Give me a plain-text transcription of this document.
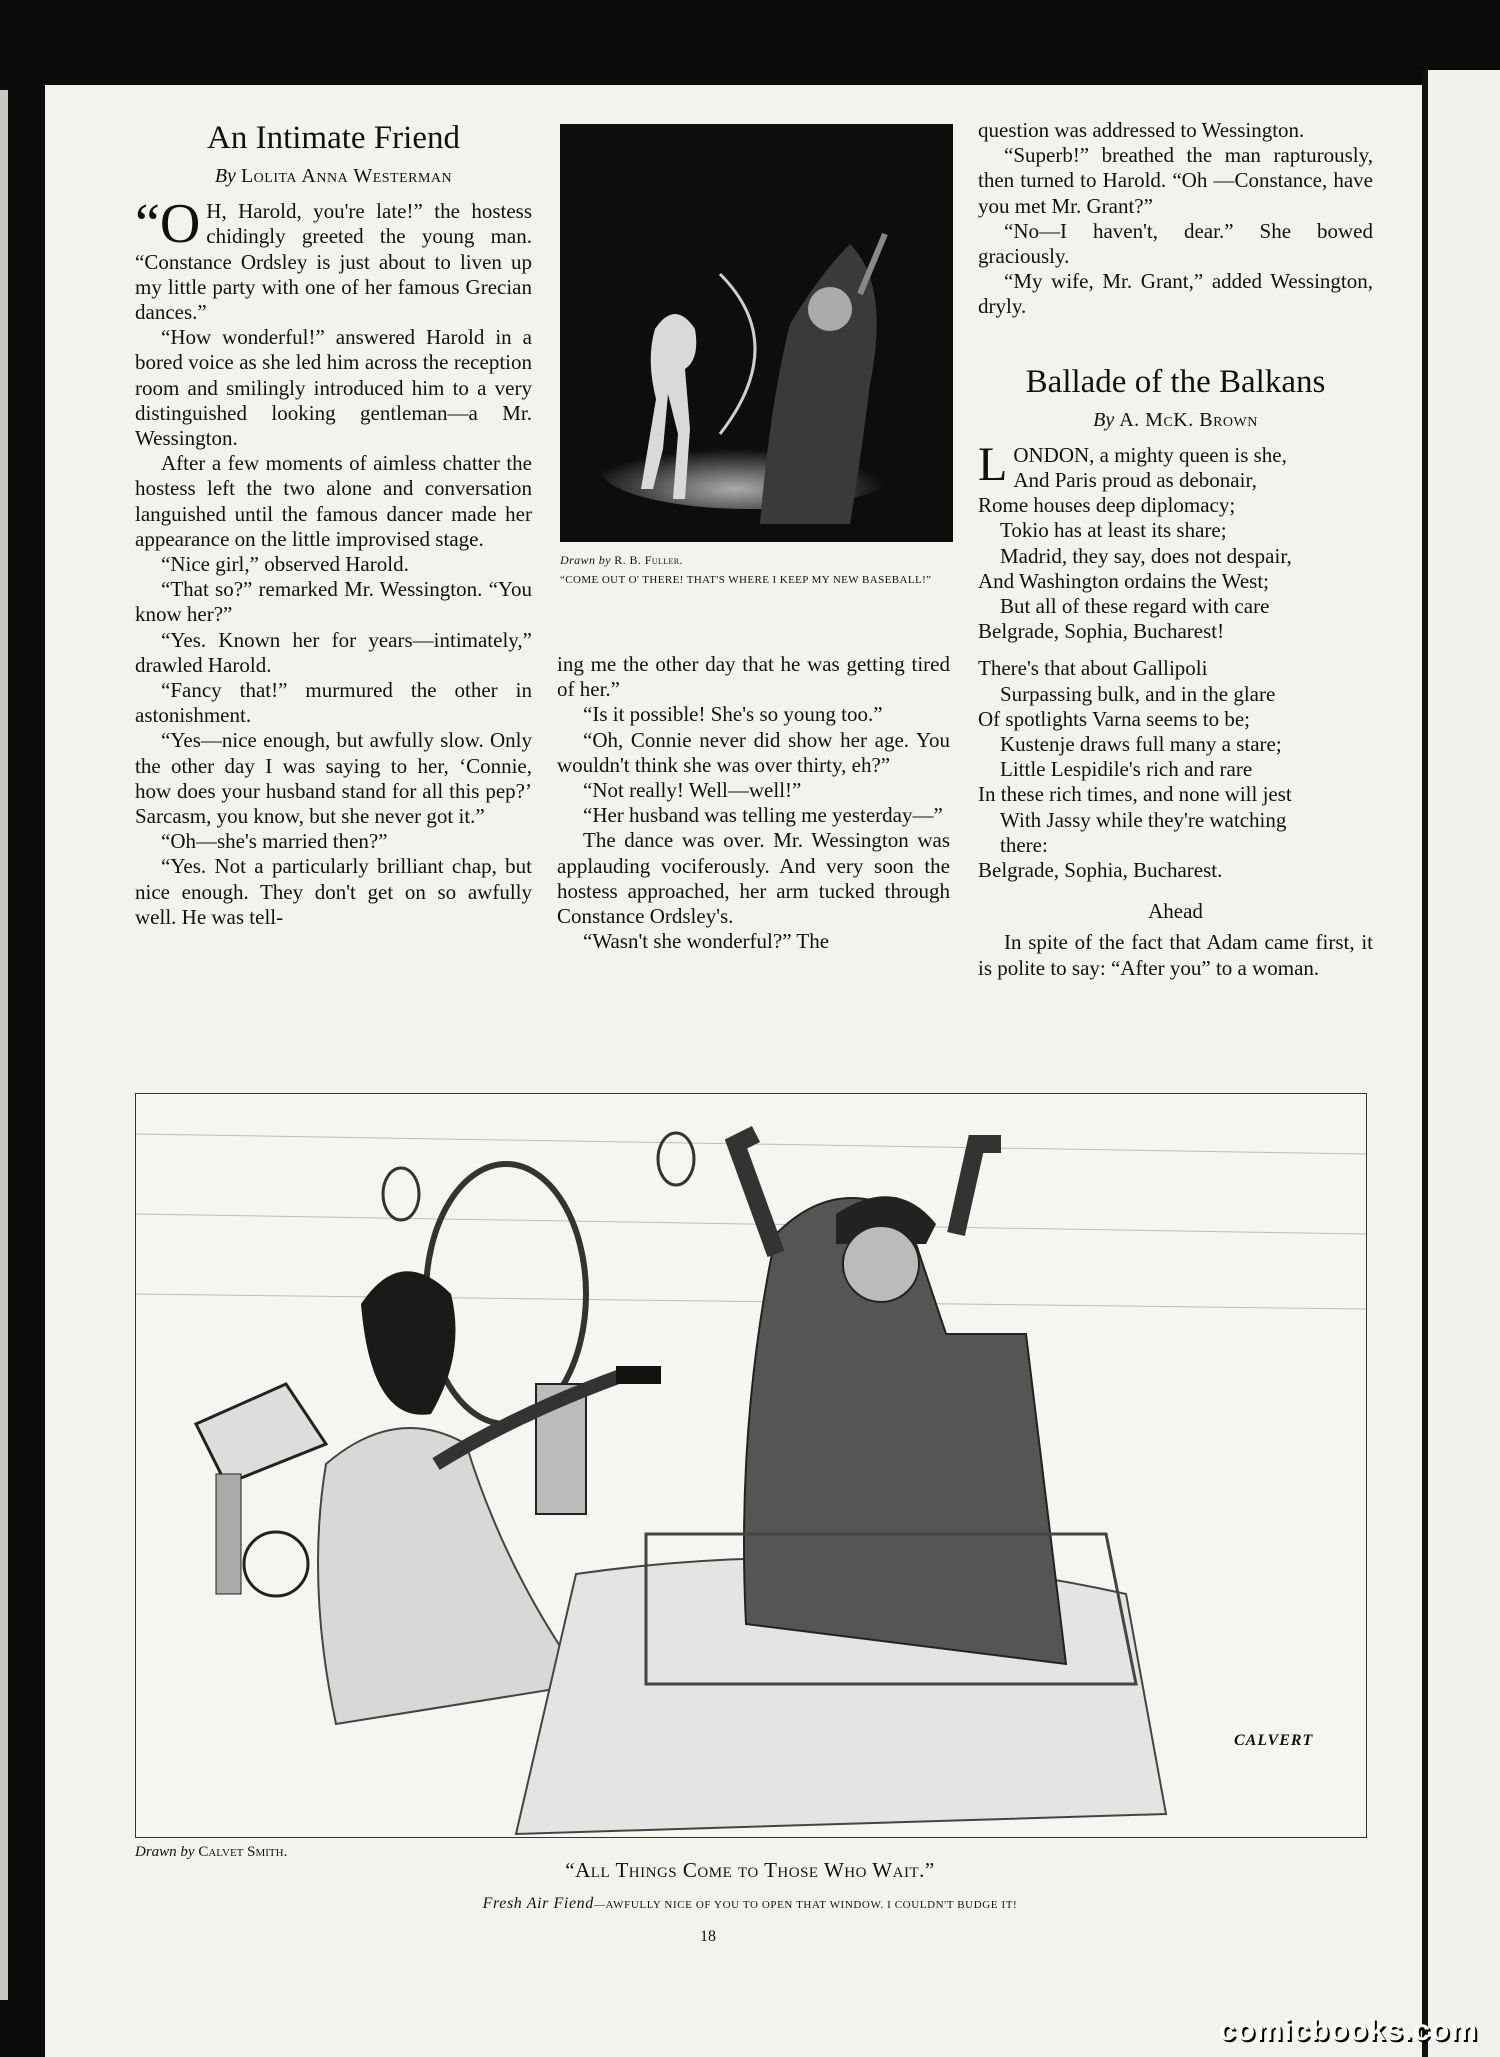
An Intimate Friend
By Lolita Anna Westerman

“O H, Harold, you're late!” the hostess chidingly greeted the young man. “Constance Ordsley is just about to liven up my little party with one of her famous Grecian dances.”

“How wonderful!” answered Harold in a bored voice as she led him across the reception room and smilingly introduced him to a very distinguished looking gentleman—a Mr. Wessington.

After a few moments of aimless chatter the hostess left the two alone and conversation languished until the famous dancer made her appearance on the little improvised stage.

“Nice girl,” observed Harold.

“That so?” remarked Mr. Wessington. “You know her?”

“Yes. Known her for years—intimately,” drawled Harold.

“Fancy that!” murmured the other in astonishment.

“Yes—nice enough, but awfully slow. Only the other day I was saying to her, ‘Connie, how does your husband stand for all this pep?’ Sarcasm, you know, but she never got it.”

“Oh—she's married then?”

“Yes. Not a particularly brilliant chap, but nice enough. They don't get on so awfully well. He was tell-

Drawn by R. B. Fuller.
“COME OUT O' THERE! THAT'S WHERE I KEEP MY NEW BASEBALL!”

ing me the other day that he was getting tired of her.”

“Is it possible! She's so young too.”

“Oh, Connie never did show her age. You wouldn't think she was over thirty, eh?”

“Not really! Well—well!”

“Her husband was telling me yesterday—”

The dance was over. Mr. Wessington was applauding vociferously. And very soon the hostess approached, her arm tucked through Constance Ordsley's.

“Wasn't she wonderful?” The

question was addressed to Wessington.

“Superb!” breathed the man rapturously, then turned to Harold. “Oh —Constance, have you met Mr. Grant?”

“No—I haven't, dear.” She bowed graciously.

“My wife, Mr. Grant,” added Wessington, dryly.

Ballade of the Balkans
By A. McK. Brown

LONDON, a mighty queen is she,

And Paris proud as debonair,

Rome houses deep diplomacy;

Tokio has at least its share;

Madrid, they say, does not despair,

And Washington ordains the West;

But all of these regard with care

Belgrade, Sophia, Bucharest!

There's that about Gallipoli

Surpassing bulk, and in the glare

Of spotlights Varna seems to be;

Kustenje draws full many a stare;

Little Lespidile's rich and rare

In these rich times, and none will jest

With Jassy while they're watching

there:

Belgrade, Sophia, Bucharest.

Ahead

In spite of the fact that Adam came first, it is polite to say: “After you” to a woman.

CALVERT
Drawn by Calvet Smith.
“All Things Come to Those Who Wait.”
Fresh Air Fiend—AWFULLY NICE OF YOU TO OPEN THAT WINDOW. I COULDN'T BUDGE IT!
18
comicbooks.com
